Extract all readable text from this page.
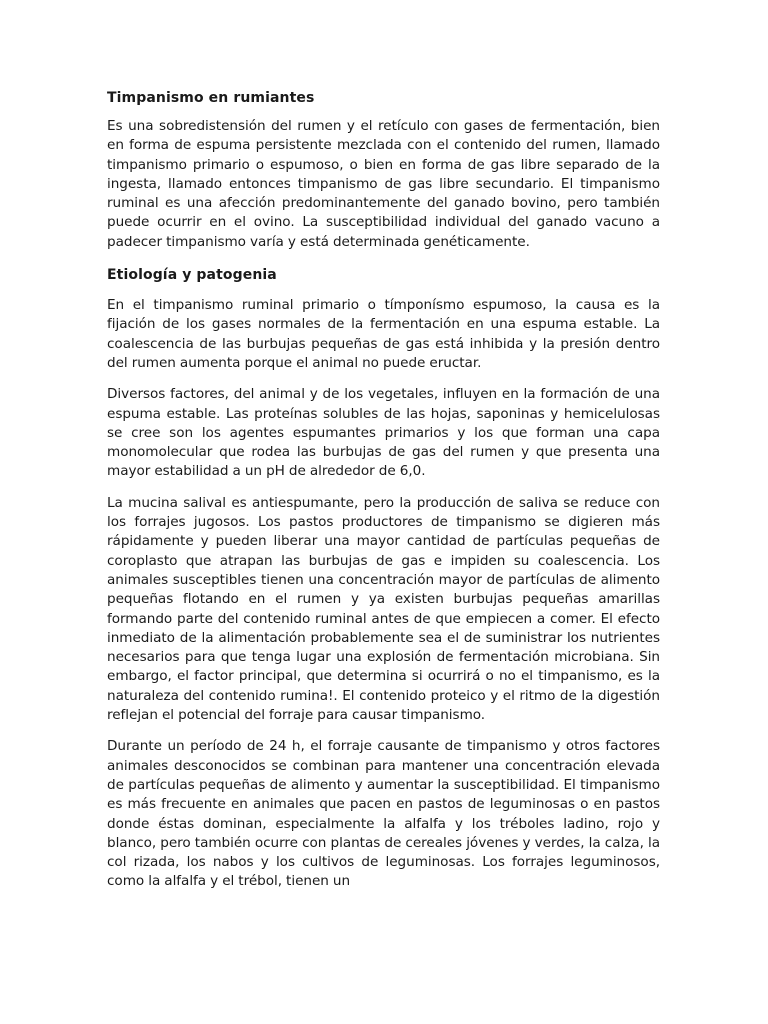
Timpanismo en rumiantes

Es una sobredistensión del rumen y el retículo con gases de fermentación, bien en forma de espuma persistente mezclada con el contenido del rumen, llamado timpanismo primario o espumoso, o bien en forma de gas libre separado de la ingesta, llamado entonces timpanismo de gas libre secundario. El timpanismo ruminal es una afección predominantemente del ganado bovino, pero también puede ocurrir en el ovino. La susceptibilidad individual del ganado vacuno a padecer timpanismo varía y está determinada genéticamente.

Etiología y patogenia

En el timpanismo ruminal primario o tímponísmo espumoso, la causa es la fijación de los gases normales de la fermentación en una espuma estable. La coalescencia de las burbujas pequeñas de gas está inhibida y la presión dentro del rumen aumenta porque el animal no puede eructar.

Diversos factores, del animal y de los vegetales, influyen en la formación de una espuma estable. Las proteínas solubles de las hojas, saponinas y hemicelulosas se cree son los agentes espumantes primarios y los que forman una capa monomolecular que rodea las burbujas de gas del rumen y que presenta una mayor estabilidad a un pH de alrededor de 6,0.

La mucina salival es antiespumante, pero la producción de saliva se reduce con los forrajes jugosos. Los pastos productores de timpanismo se digieren más rápidamente y pueden liberar una mayor cantidad de partículas pequeñas de coroplasto que atrapan las burbujas de gas e impiden su coalescencia. Los animales susceptibles tienen una concentración mayor de partículas de alimento pequeñas flotando en el rumen y ya existen burbujas pequeñas amarillas formando parte del contenido ruminal antes de que empiecen a comer. El efecto inmediato de la alimentación probablemente sea el de suministrar los nutrientes necesarios para que tenga lugar una explosión de fermentación microbiana. Sin embargo, el factor principal, que determina si ocurrirá o no el timpanismo, es la naturaleza del contenido rumina!. El contenido proteico y el ritmo de la digestión reflejan el potencial del forraje para causar timpanismo.

Durante un período de 24 h, el forraje causante de timpanismo y otros factores animales desconocidos se combinan para mantener una concentración elevada de partículas pequeñas de alimento y aumentar la susceptibilidad. El timpanismo es más frecuente en animales que pacen en pastos de leguminosas o en pastos donde éstas dominan, especialmente la alfalfa y los tréboles ladino, rojo y blanco, pero también ocurre con plantas de cereales jóvenes y verdes, la calza, la col rizada, los nabos y los cultivos de leguminosas. Los forrajes leguminosos, como la alfalfa y el trébol, tienen un
